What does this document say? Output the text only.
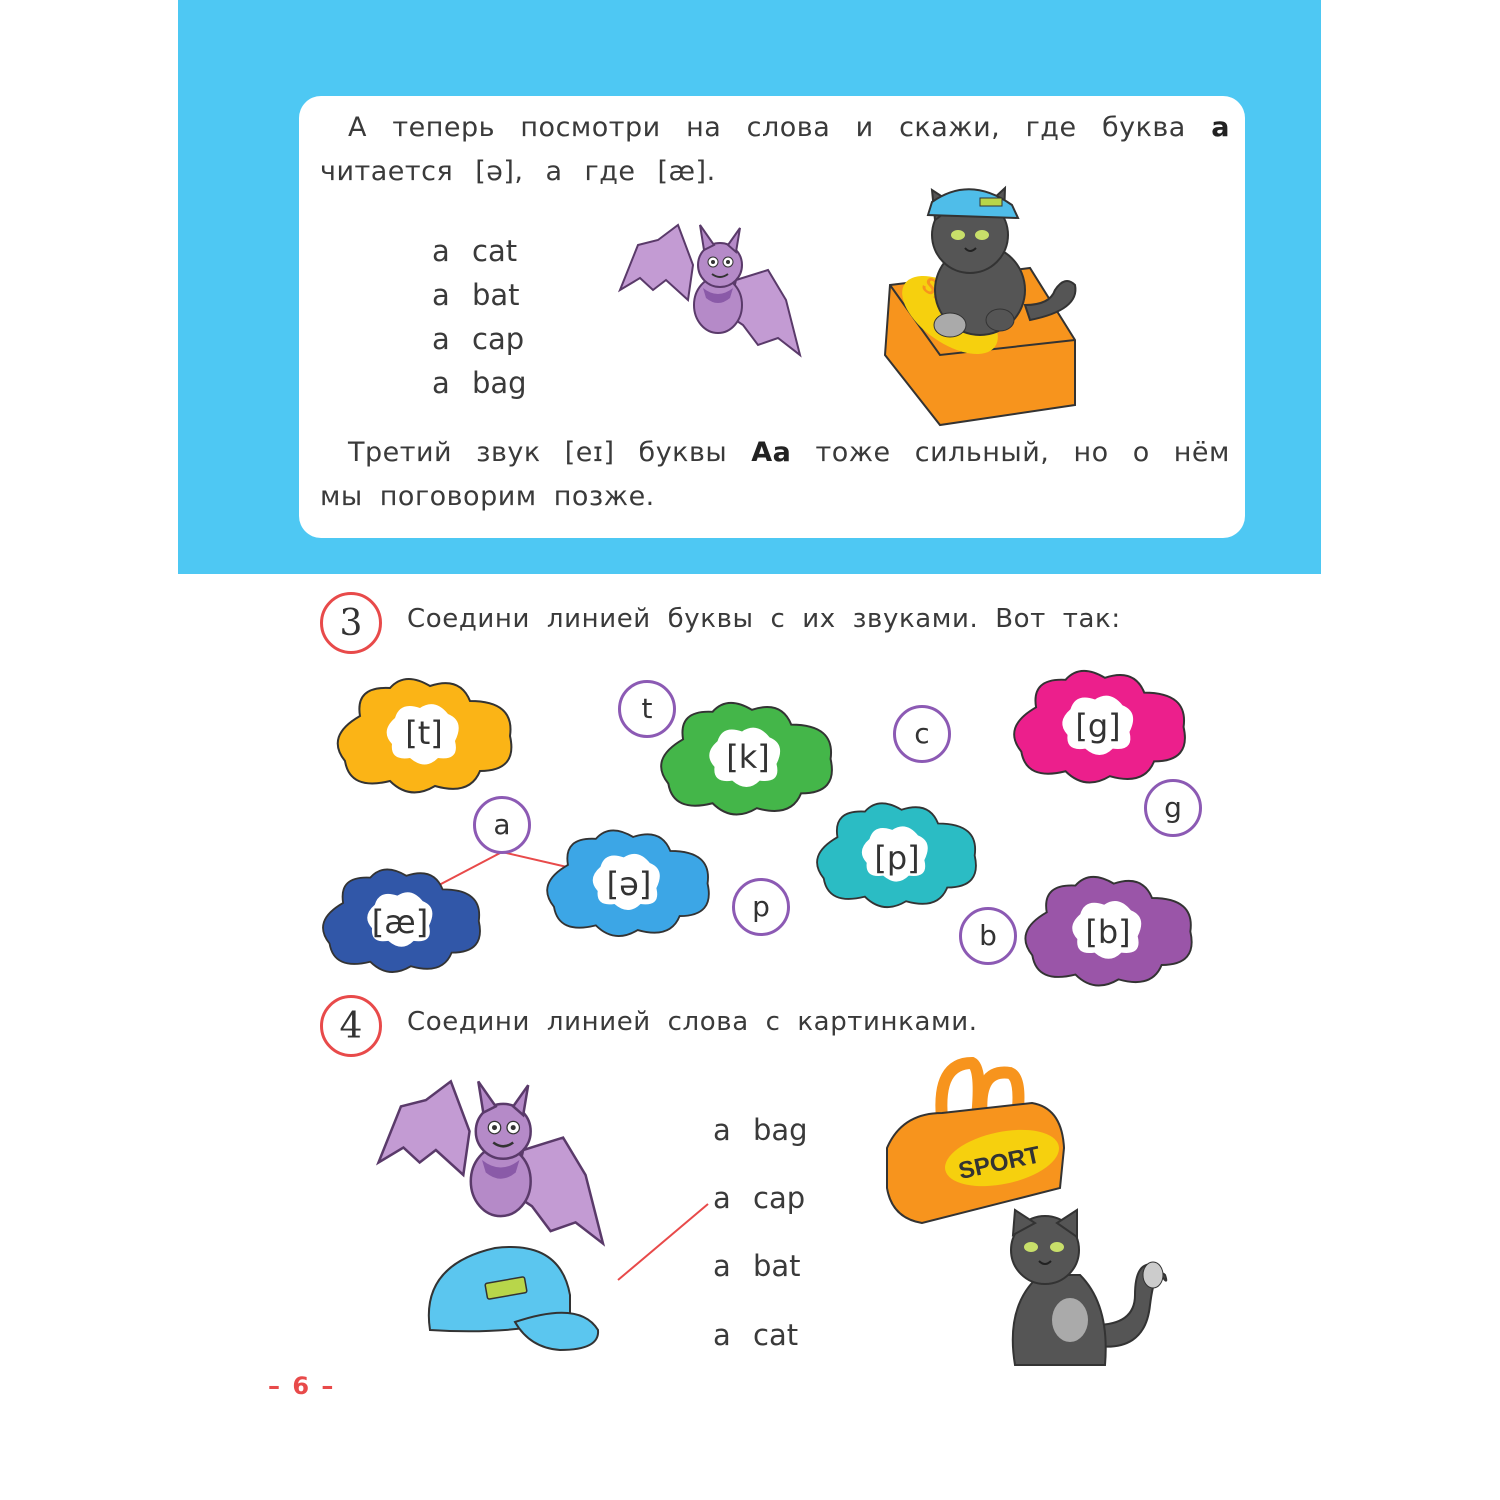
А теперь посмотри на слова и скажи, где буква а
читается [ə], а где [æ].
a cat
a bat
a cap
a bag
Третий звук [eɪ] буквы Аа тоже сильный, но о нём
мы поговорим позже.
3	Соедини линией буквы с их звуками. Вот так:
[t]
[k]
[g]
[ə]
[p]
[æ]	[b]
t
c
g
a
p
b
4	Соедини линией слова с картинками.
a bag
a cap
a bat
a cat
SPORT
– 6 –
